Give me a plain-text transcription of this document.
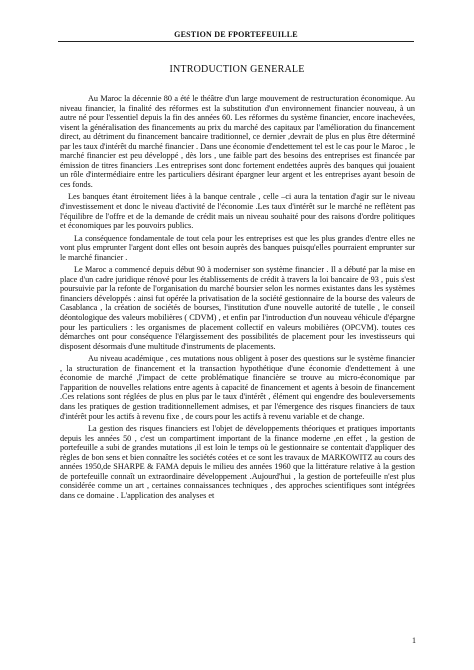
GESTION DE FPORTEFEUILLE
INTRODUCTION GENERALE

Au Maroc la décennie 80 a été le théâtre d'un large mouvement de restructuration économique. Au niveau financier, la finalité des réformes est la substitution d'un environnement financier nouveau, à un autre né pour l'essentiel depuis la fin des années 60. Les réformes du système financier, encore inachevées, visent la généralisation des financements au prix du marché des capitaux par l'amélioration du financement direct, au détriment du financement bancaire traditionnel, ce dernier ,devrait de plus en plus être déterminé par les taux d'intérêt du marché financier . Dans une économie d'endettement tel est le cas pour le Maroc , le marché financier est peu développé , dès lors , une faible part des besoins des entreprises est financée par émission de titres financiers .Les entreprises sont donc fortement endettées auprès des banques qui jouaient un rôle d'intermédiaire entre les particuliers désirant épargner leur argent et les entreprises ayant besoin de ces fonds.

Les banques étant étroitement liées à la banque centrale , celle –ci aura la tentation d'agir sur le niveau d'investissement et donc le niveau d'activité de l'économie .Les taux d'intérêt sur le marché ne reflètent pas l'équilibre de l'offre et de la demande de crédit mais un niveau souhaité pour des raisons d'ordre politiques et économiques par les pouvoirs publics.

La conséquence fondamentale de tout cela pour les entreprises est que les plus grandes d'entre elles ne vont plus emprunter l'argent dont elles ont besoin auprès des banques puisqu'elles pourraient emprunter sur le marché financier .

Le Maroc a commencé depuis début 90 à moderniser son système financier . Il a débuté par la mise en place d'un cadre juridique rénové pour les établissements de crédit à travers la loi bancaire de 93 , puis s'est poursuivie par la refonte de l'organisation du marché boursier selon les normes existantes dans les systèmes financiers développés : ainsi fut opérée la privatisation de la société gestionnaire de la bourse des valeurs de Casablanca , la création de sociétés de bourses, l'institution d'une nouvelle autorité de tutelle , le conseil déontologique des valeurs mobilières ( CDVM) , et enfin par l'introduction d'un nouveau véhicule d'épargne pour les particuliers : les organismes de placement collectif en valeurs mobilières (OPCVM). toutes ces démarches ont pour conséquence l'élargissement des possibilités de placement pour les investisseurs qui disposent désormais d'une multitude d'instruments de placements.

Au niveau académique , ces mutations nous obligent à poser des questions sur le système financier , la structuration de financement et la transaction hypothétique d'une économie d'endettement à une économie de marché ,l'impact de cette problématique financière se trouve au micro-économique par l'apparition de nouvelles relations entre agents à capacité de financement et agents à besoin de financement .Ces relations sont réglées de plus en plus par le taux d'intérêt , élément qui engendre des bouleversements dans les pratiques de gestion traditionnellement admises, et par l'émergence des risques financiers de taux d'intérêt pour les actifs à revenu fixe , de cours pour les actifs à revenu variable et de change.

La gestion des risques financiers est l'objet de développements théoriques et pratiques importants depuis les années 50 , c'est un compartiment important de la finance moderne ,en effet , la gestion de portefeuille a subi de grandes mutations ,il est loin le temps où le gestionnaire se contentait d'appliquer des règles de bon sens et bien connaître les sociétés cotées et ce sont les travaux de MARKOWITZ au cours des années 1950,de SHARPE & FAMA depuis le milieu des années 1960 que la littérature relative à la gestion de portefeuille connaît un extraordinaire développement .Aujourd'hui , la gestion de portefeuille n'est plus considérée comme un art , certaines connaissances techniques , des approches scientifiques sont intégrées dans ce domaine . L'application des analyses et

1
